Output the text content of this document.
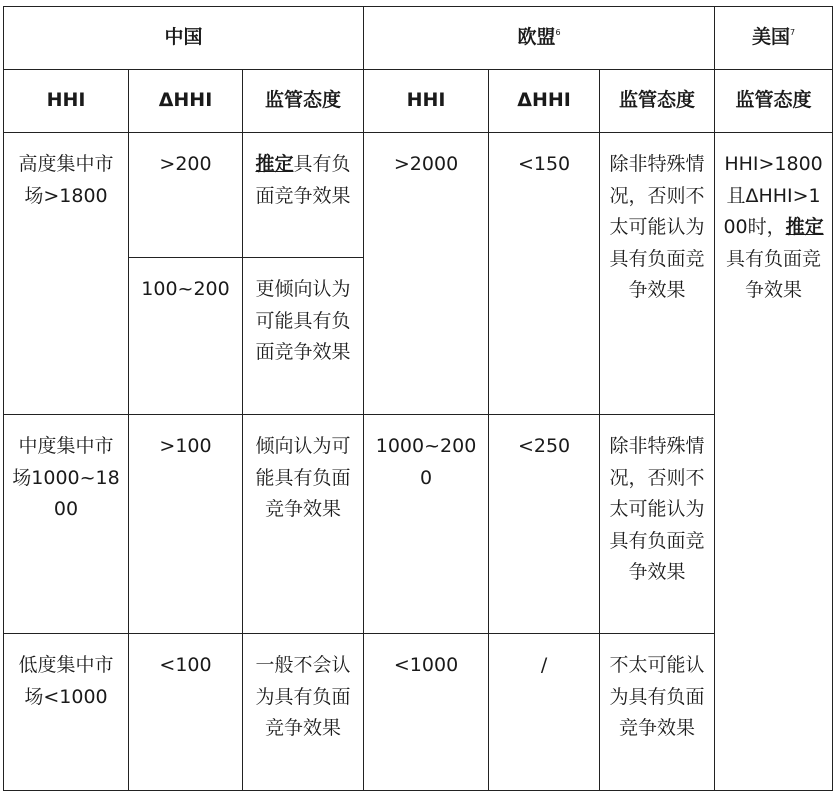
中国			欧盟$^6$			美国$^7$
HHI	ΔHHI	监管态度	HHI	ΔHHI	监管态度	监管态度
高度集中市场>1800	>200	推定具有负面竞争效果	>2000	<150	除非特殊情况，否则不太可能认为具有负面竞争效果	HHI>1800且ΔHHI>100时，推定具有负面竞争效果
	100~200	更倾向认为可能具有负面竞争效果				
中度集中市场1000~1800	>100	倾向认为可能具有负面竞争效果	1000~2000	<250	除非特殊情况，否则不太可能认为具有负面竞争效果	
低度集中市场<1000	<100	一般不会认为具有负面竞争效果	<1000	/	不太可能认为具有负面竞争效果	
